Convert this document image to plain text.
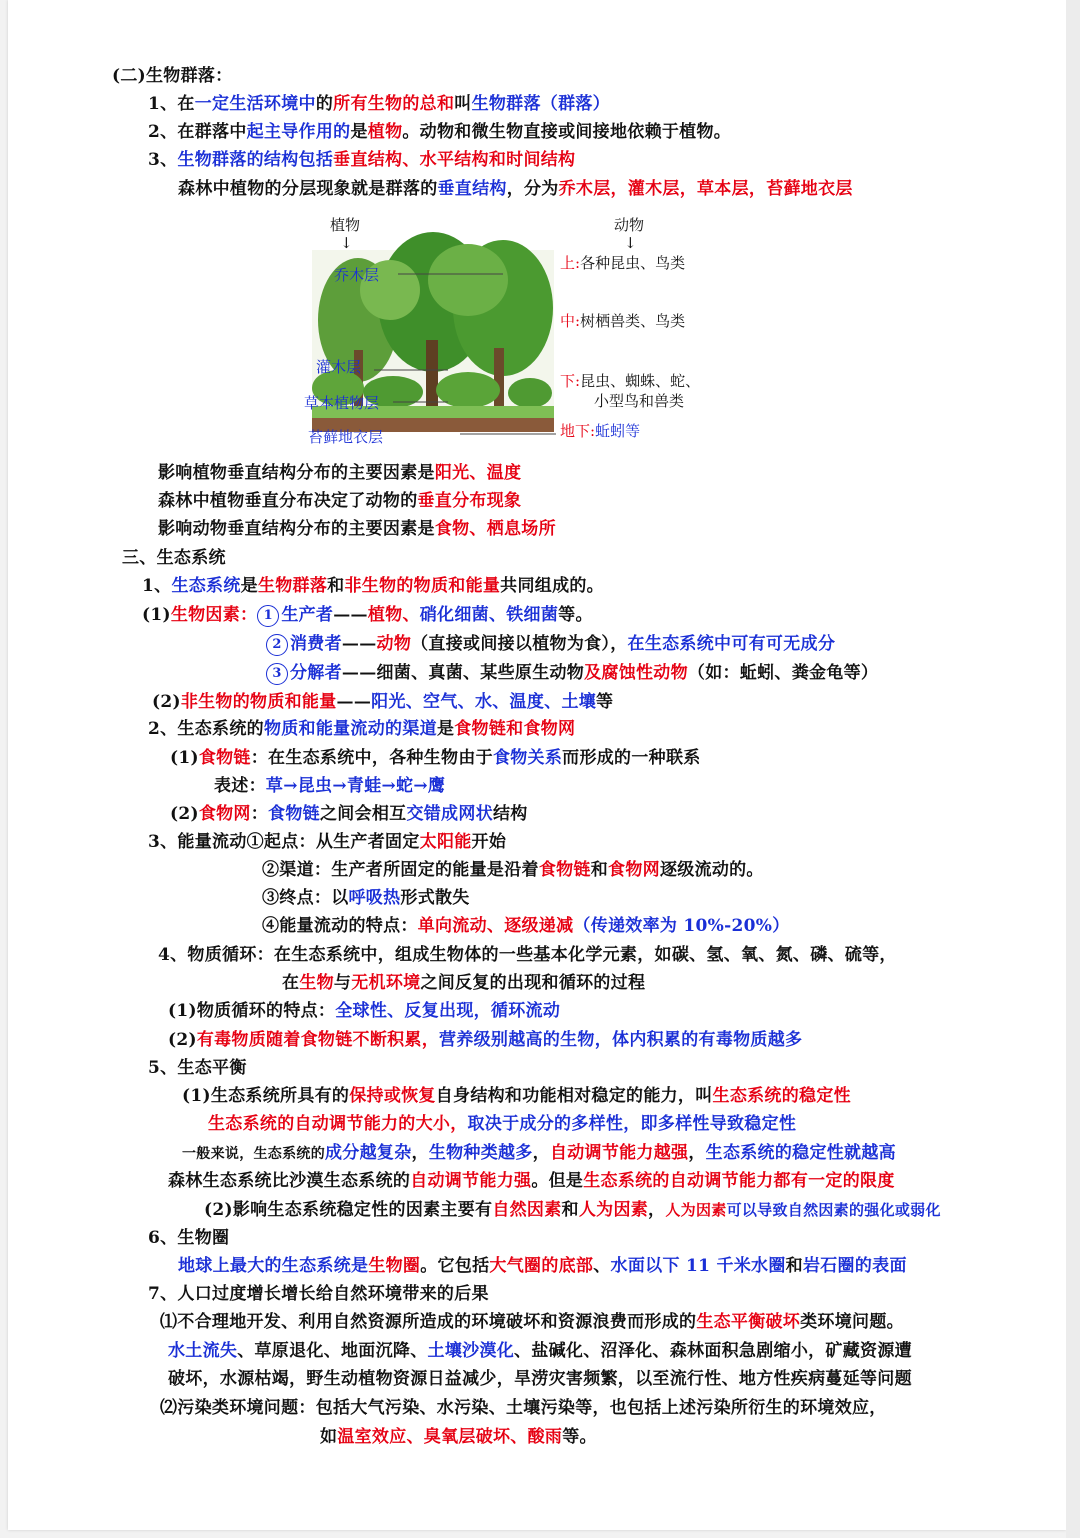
(二)生物群落：
1、在一定生活环境中的所有生物的总和叫生物群落（群落）
2、在群落中起主导作用的是植物。动物和微生物直接或间接地依赖于植物。
3、生物群落的结构包括垂直结构、水平结构和时间结构
森林中植物的分层现象就是群落的垂直结构，分为乔木层，灌木层，草本层，苔藓地衣层
植物
↓
动物
↓
乔木层
灌木层
草本植物层
苔藓地衣层
上:各种昆虫、鸟类
中:树栖兽类、鸟类
下:昆虫、蜘蛛、蛇、
小型鸟和兽类
地下:蚯蚓等
影响植物垂直结构分布的主要因素是阳光、温度
森林中植物垂直分布决定了动物的垂直分布现象
影响动物垂直结构分布的主要因素是食物、栖息场所
三、生态系统
1、生态系统是生物群落和非生物的物质和能量共同组成的。
(1)生物因素： 1 生产者——植物、硝化细菌、铁细菌等。
2 消费者——动物（直接或间接以植物为食），在生态系统中可有可无成分
3 分解者——细菌、真菌、某些原生动物及腐蚀性动物（如：蚯蚓、粪金龟等）
(2)非生物的物质和能量——阳光、空气、水、温度、土壤等
2、生态系统的物质和能量流动的渠道是食物链和食物网
(1)食物链：在生态系统中，各种生物由于食物关系而形成的一种联系
表述：草→昆虫→青蛙→蛇→鹰
(2)食物网：食物链之间会相互交错成网状结构
3、能量流动①起点：从生产者固定太阳能开始
②渠道：生产者所固定的能量是沿着食物链和食物网逐级流动的。
③终点：以呼吸热形式散失
④能量流动的特点：单向流动、逐级递减（传递效率为 10%-20%）
4、物质循环：在生态系统中，组成生物体的一些基本化学元素，如碳、氢、氧、氮、磷、硫等，
在生物与无机环境之间反复的出现和循环的过程
(1)物质循环的特点：全球性、反复出现，循环流动
(2)有毒物质随着食物链不断积累，营养级别越高的生物，体内积累的有毒物质越多
5、生态平衡
(1)生态系统所具有的保持或恢复自身结构和功能相对稳定的能力，叫生态系统的稳定性
生态系统的自动调节能力的大小，取决于成分的多样性，即多样性导致稳定性
一般来说，生态系统的成分越复杂，生物种类越多，自动调节能力越强，生态系统的稳定性就越高
森林生态系统比沙漠生态系统的自动调节能力强。但是生态系统的自动调节能力都有一定的限度
(2)影响生态系统稳定性的因素主要有自然因素和人为因素，人为因素可以导致自然因素的强化或弱化
6、生物圈
地球上最大的生态系统是生物圈。它包括大气圈的底部、水面以下 11 千米水圈和岩石圈的表面
7、人口过度增长增长给自然环境带来的后果
⑴不合理地开发、利用自然资源所造成的环境破坏和资源浪费而形成的生态平衡破坏类环境问题。
水土流失、草原退化、地面沉降、土壤沙漠化、盐碱化、沼泽化、森林面积急剧缩小，矿藏资源遭
破坏，水源枯竭，野生动植物资源日益减少，旱涝灾害频繁，以至流行性、地方性疾病蔓延等问题
⑵污染类环境问题：包括大气污染、水污染、土壤污染等，也包括上述污染所衍生的环境效应，
如温室效应、臭氧层破坏、酸雨等。
